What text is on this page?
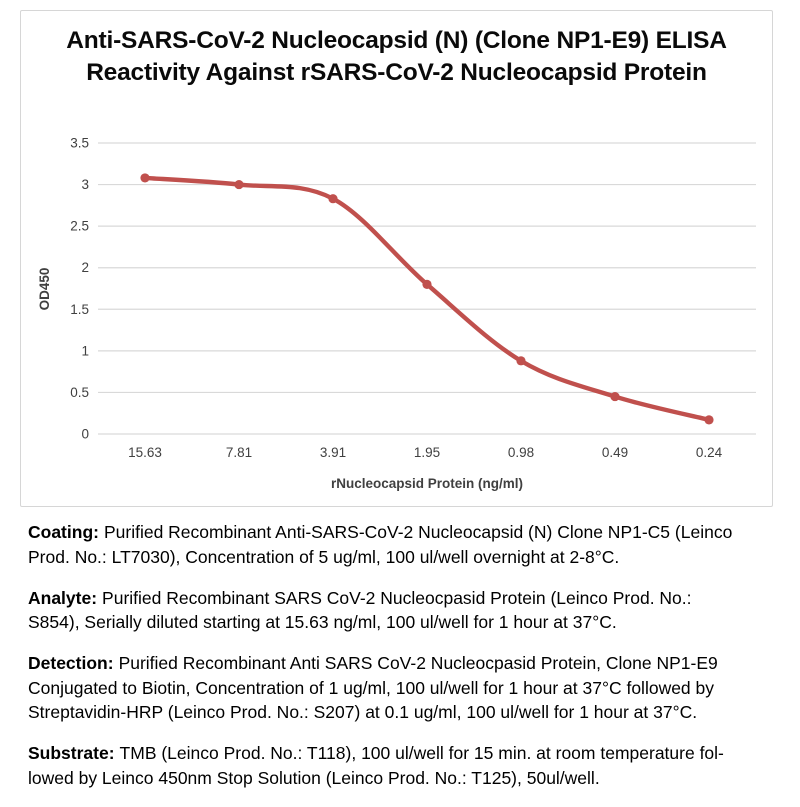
Anti-SARS-CoV-2 Nucleocapsid (N) (Clone NP1-E9) ELISA
Reactivity Against rSARS-CoV-2 Nucleocapsid Protein
0
0.5
1
1.5
2
2.5
3
3.5
15.63	7.81	3.91	1.95	0.98	0.49	0.24
OD450
rNucleocapsid Protein (ng/ml)
Coating: Purified Recombinant Anti-SARS-CoV-2 Nucleocapsid (N) Clone NP1-C5 (Leinco
Prod. No.: LT7030), Concentration of 5 ug/ml, 100 ul/well overnight at 2-8°C.
Analyte: Purified Recombinant SARS CoV-2 Nucleocpasid Protein (Leinco Prod. No.:
S854), Serially diluted starting at 15.63 ng/ml, 100 ul/well for 1 hour at 37°C.
Detection: Purified Recombinant Anti SARS CoV-2 Nucleocpasid Protein, Clone NP1-E9
Conjugated to Biotin, Concentration of 1 ug/ml, 100 ul/well for 1 hour at 37°C followed by
Streptavidin-HRP (Leinco Prod. No.: S207) at 0.1 ug/ml, 100 ul/well for 1 hour at 37°C.
Substrate: TMB (Leinco Prod. No.: T118), 100 ul/well for 15 min. at room temperature fol-
lowed by Leinco 450nm Stop Solution (Leinco Prod. No.: T125), 50ul/well.
